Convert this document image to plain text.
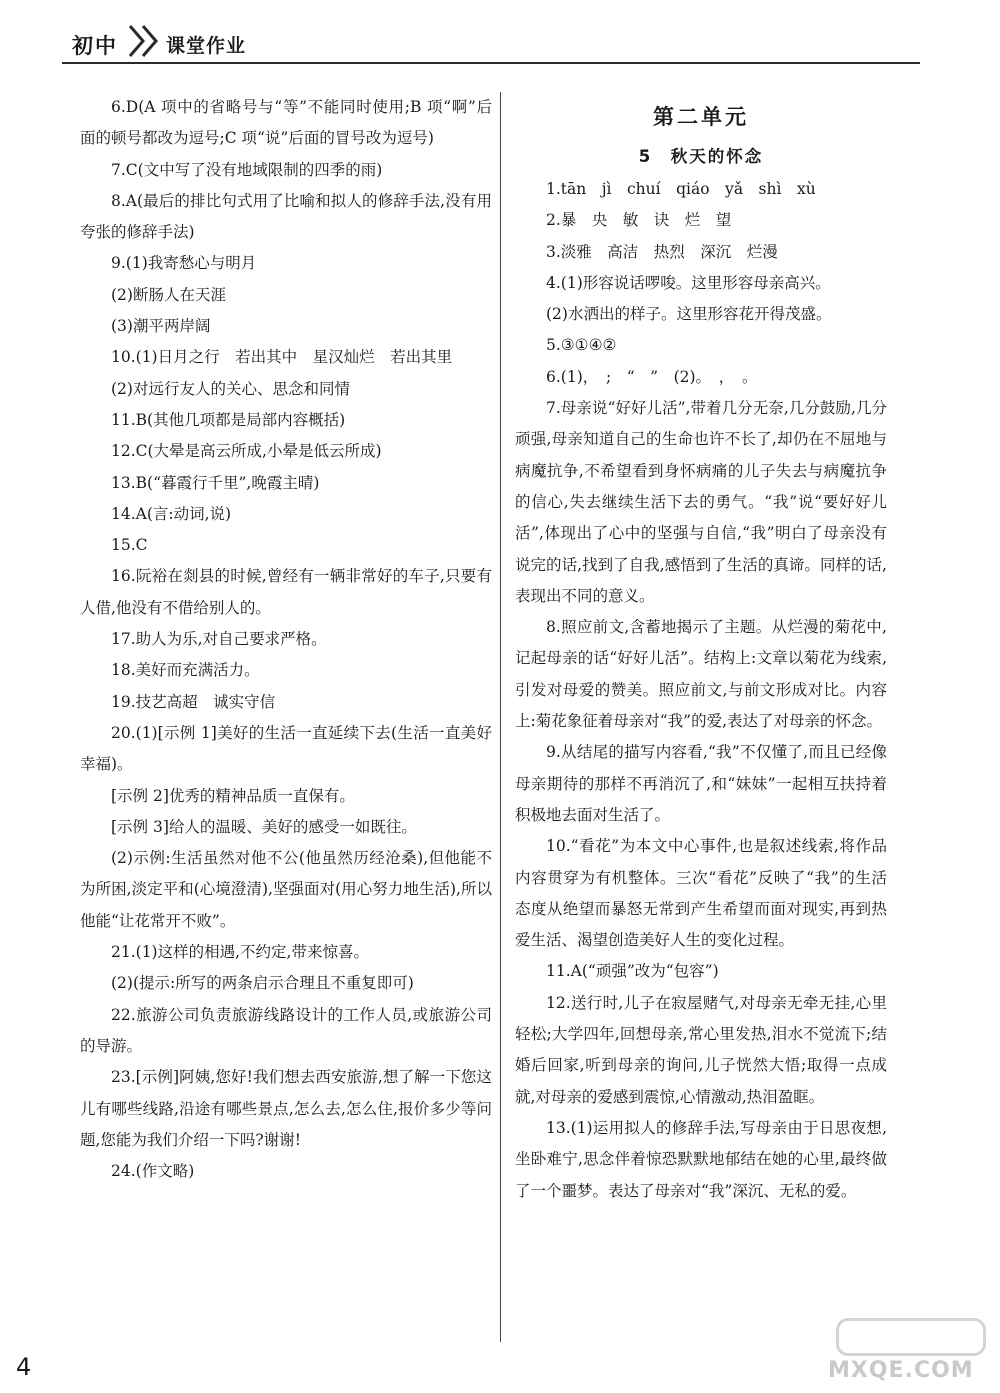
初中	课堂作业

6.D(A 项中的省略号与“等”不能同时使用;B 项“啊”后面的顿号都改为逗号;C 项“说”后面的冒号改为逗号)

7.C(文中写了没有地域限制的四季的雨)

8.A(最后的排比句式用了比喻和拟人的修辞手法,没有用夸张的修辞手法)

9.(1)我寄愁心与明月

(2)断肠人在天涯

(3)潮平两岸阔

10.(1)日月之行　若出其中　星汉灿烂　若出其里

(2)对远行友人的关心、思念和同情

11.B(其他几项都是局部内容概括)

12.C(大晕是高云所成,小晕是低云所成)

13.B(“暮霞行千里”,晚霞主晴)

14.A(言:动词,说)

15.C

16.阮裕在剡县的时候,曾经有一辆非常好的车子,只要有人借,他没有不借给别人的。

17.助人为乐,对自己要求严格。

18.美好而充满活力。

19.技艺高超　诚实守信

20.(1)[示例 1]美好的生活一直延续下去(生活一直美好幸福)。

[示例 2]优秀的精神品质一直保有。

[示例 3]给人的温暖、美好的感受一如既往。

(2)示例:生活虽然对他不公(他虽然历经沧桑),但他能不为所困,淡定平和(心境澄清),坚强面对(用心努力地生活),所以他能“让花常开不败”。

21.(1)这样的相遇,不约定,带来惊喜。

(2)(提示:所写的两条启示合理且不重复即可)

22.旅游公司负责旅游线路设计的工作人员,或旅游公司的导游。

23.[示例]阿姨,您好!我们想去西安旅游,想了解一下您这儿有哪些线路,沿途有哪些景点,怎么去,怎么住,报价多少等问题,您能为我们介绍一下吗?谢谢!

24.(作文略)

第二单元

5　秋天的怀念

1.tān　jì　chuí　qiáo　yǎ　shì　xù

2.暴　央　敏　诀　烂　望

3.淡雅　高洁　热烈　深沉　烂漫

4.(1)形容说话啰唆。这里形容母亲高兴。

(2)水洒出的样子。这里形容花开得茂盛。

5.③①④②

6.(1)，　;　“　”　(2)。　，　。

7.母亲说“好好儿活”,带着几分无奈,几分鼓励,几分顽强,母亲知道自己的生命也许不长了,却仍在不屈地与病魔抗争,不希望看到身怀病痛的儿子失去与病魔抗争的信心,失去继续生活下去的勇气。“我”说“要好好儿活”,体现出了心中的坚强与自信,“我”明白了母亲没有说完的话,找到了自我,感悟到了生活的真谛。同样的话,表现出不同的意义。

8.照应前文,含蓄地揭示了主题。从烂漫的菊花中,记起母亲的话“好好儿活”。结构上:文章以菊花为线索,引发对母爱的赞美。照应前文,与前文形成对比。内容上:菊花象征着母亲对“我”的爱,表达了对母亲的怀念。

9.从结尾的描写内容看,“我”不仅懂了,而且已经像母亲期待的那样不再消沉了,和“妹妹”一起相互扶持着积极地去面对生活了。

10.“看花”为本文中心事件,也是叙述线索,将作品内容贯穿为有机整体。三次“看花”反映了“我”的生活态度从绝望而暴怒无常到产生希望而面对现实,再到热爱生活、渴望创造美好人生的变化过程。

11.A(“顽强”改为“包容”)

12.送行时,儿子在寂屋赌气,对母亲无牵无挂,心里轻松;大学四年,回想母亲,常心里发热,泪水不觉流下;结婚后回家,听到母亲的询问,儿子恍然大悟;取得一点成就,对母亲的爱感到震惊,心情激动,热泪盈眶。

13.(1)运用拟人的修辞手法,写母亲由于日思夜想,坐卧难宁,思念伴着惊恐默默地郁结在她的心里,最终做了一个噩梦。表达了母亲对“我”深沉、无私的爱。

4	MXQE.COM
